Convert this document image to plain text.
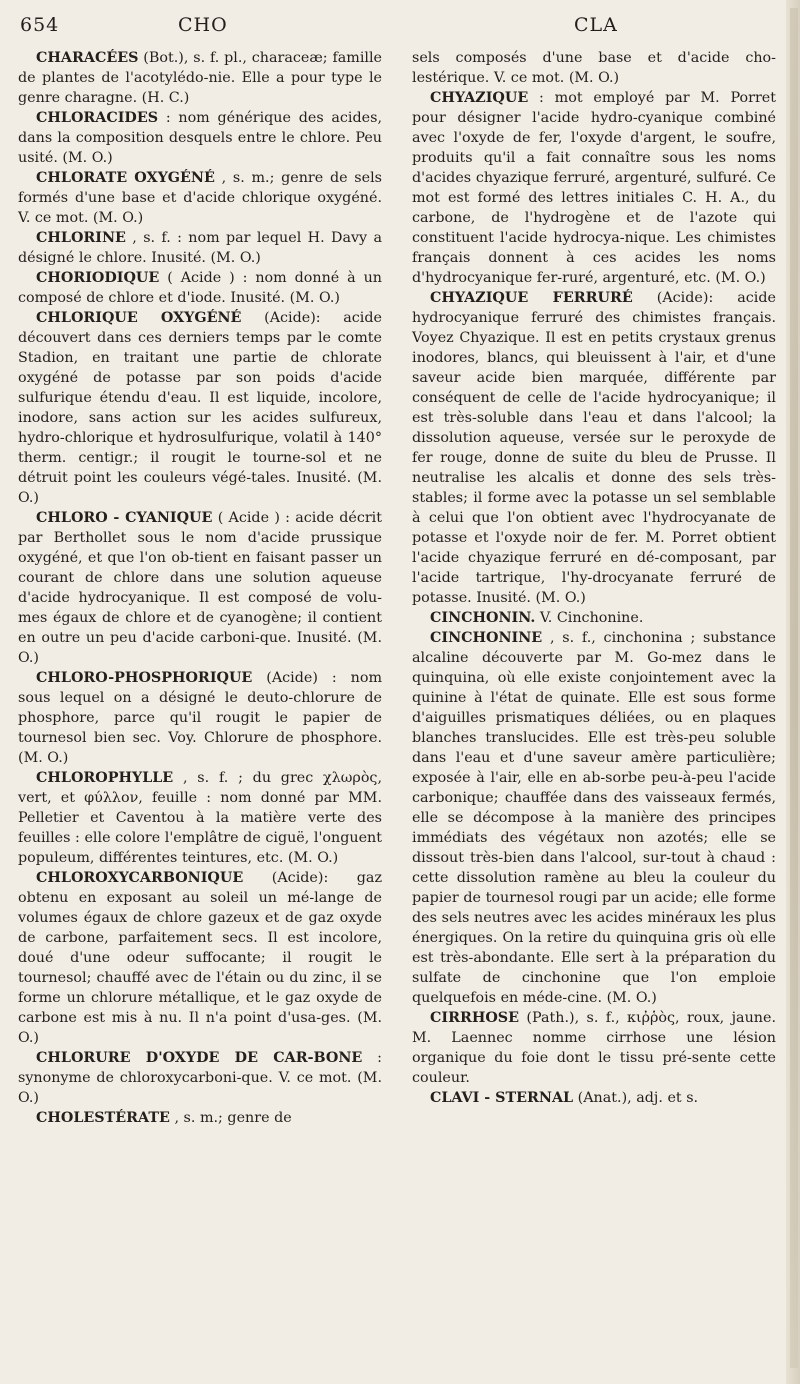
654	CHO	CLA

CHARACÉES (Bot.), s. f. pl., characeæ; famille de plantes de l'acotylédo-nie. Elle a pour type le genre charagne. (H. C.)

CHLORACIDES : nom générique des acides, dans la composition desquels entre le chlore. Peu usité. (M. O.)

CHLORATE OXYGÉNÉ , s. m.; genre de sels formés d'une base et d'acide chlorique oxygéné. V. ce mot. (M. O.)

CHLORINE , s. f. : nom par lequel H. Davy a désigné le chlore. Inusité. (M. O.)

CHORIODIQUE ( Acide ) : nom donné à un composé de chlore et d'iode. Inusité. (M. O.)

CHLORIQUE OXYGÉNÉ (Acide): acide découvert dans ces derniers temps par le comte Stadion, en traitant une partie de chlorate oxygéné de potasse par son poids d'acide sulfurique étendu d'eau. Il est liquide, incolore, inodore, sans action sur les acides sulfureux, hydro-chlorique et hydrosulfurique, volatil à 140° therm. centigr.; il rougit le tourne-sol et ne détruit point les couleurs végé-tales. Inusité. (M. O.)

CHLORO - CYANIQUE ( Acide ) : acide décrit par Berthollet sous le nom d'acide prussique oxygéné, et que l'on ob-tient en faisant passer un courant de chlore dans une solution aqueuse d'acide hydrocyanique. Il est composé de volu-mes égaux de chlore et de cyanogène; il contient en outre un peu d'acide carboni-que. Inusité. (M. O.)

CHLORO-PHOSPHORIQUE (Acide) : nom sous lequel on a désigné le deuto-chlorure de phosphore, parce qu'il rougit le papier de tournesol bien sec. Voy. Chlorure de phosphore. (M. O.)

CHLOROPHYLLE , s. f. ; du grec χλωρὸς, vert, et φύλλον, feuille : nom donné par MM. Pelletier et Caventou à la matière verte des feuilles : elle colore l'emplâtre de ciguë, l'onguent populeum, différentes teintures, etc. (M. O.)

CHLOROXYCARBONIQUE (Acide): gaz obtenu en exposant au soleil un mé-lange de volumes égaux de chlore gazeux et de gaz oxyde de carbone, parfaitement secs. Il est incolore, doué d'une odeur suffocante; il rougit le tournesol; chauffé avec de l'étain ou du zinc, il se forme un chlorure métallique, et le gaz oxyde de carbone est mis à nu. Il n'a point d'usa-ges. (M. O.)

CHLORURE D'OXYDE DE CAR-BONE : synonyme de chloroxycarboni-que. V. ce mot. (M. O.)

CHOLESTÉRATE , s. m.; genre de

sels composés d'une base et d'acide cho-lestérique. V. ce mot. (M. O.)

CHYAZIQUE : mot employé par M. Porret pour désigner l'acide hydro-cyanique combiné avec l'oxyde de fer, l'oxyde d'argent, le soufre, produits qu'il a fait connaître sous les noms d'acides chyazique ferruré, argenturé, sulfuré. Ce mot est formé des lettres initiales C. H. A., du carbone, de l'hydrogène et de l'azote qui constituent l'acide hydrocya-nique. Les chimistes français donnent à ces acides les noms d'hydrocyanique fer-ruré, argenturé, etc. (M. O.)

CHYAZIQUE FERRURÉ (Acide): acide hydrocyanique ferruré des chimistes français. Voyez Chyazique. Il est en petits crystaux grenus inodores, blancs, qui bleuissent à l'air, et d'une saveur acide bien marquée, différente par conséquent de celle de l'acide hydrocyanique; il est très-soluble dans l'eau et dans l'alcool; la dissolution aqueuse, versée sur le peroxyde de fer rouge, donne de suite du bleu de Prusse. Il neutralise les alcalis et donne des sels très-stables; il forme avec la potasse un sel semblable à celui que l'on obtient avec l'hydrocyanate de potasse et l'oxyde noir de fer. M. Porret obtient l'acide chyazique ferruré en dé-composant, par l'acide tartrique, l'hy-drocyanate ferruré de potasse. Inusité. (M. O.)

CINCHONIN. V. Cinchonine.

CINCHONINE , s. f., cinchonina ; substance alcaline découverte par M. Go-mez dans le quinquina, où elle existe conjointement avec la quinine à l'état de quinate. Elle est sous forme d'aiguilles prismatiques déliées, ou en plaques blanches translucides. Elle est très-peu soluble dans l'eau et d'une saveur amère particulière; exposée à l'air, elle en ab-sorbe peu-à-peu l'acide carbonique; chauffée dans des vaisseaux fermés, elle se décompose à la manière des principes immédiats des végétaux non azotés; elle se dissout très-bien dans l'alcool, sur-tout à chaud : cette dissolution ramène au bleu la couleur du papier de tournesol rougi par un acide; elle forme des sels neutres avec les acides minéraux les plus énergiques. On la retire du quinquina gris où elle est très-abondante. Elle sert à la préparation du sulfate de cinchonine que l'on emploie quelquefois en méde-cine. (M. O.)

CIRRHOSE (Path.), s. f., κιῤῥὸς, roux, jaune. M. Laennec nomme cirrhose une lésion organique du foie dont le tissu pré-sente cette couleur.

CLAVI - STERNAL (Anat.), adj. et s.
